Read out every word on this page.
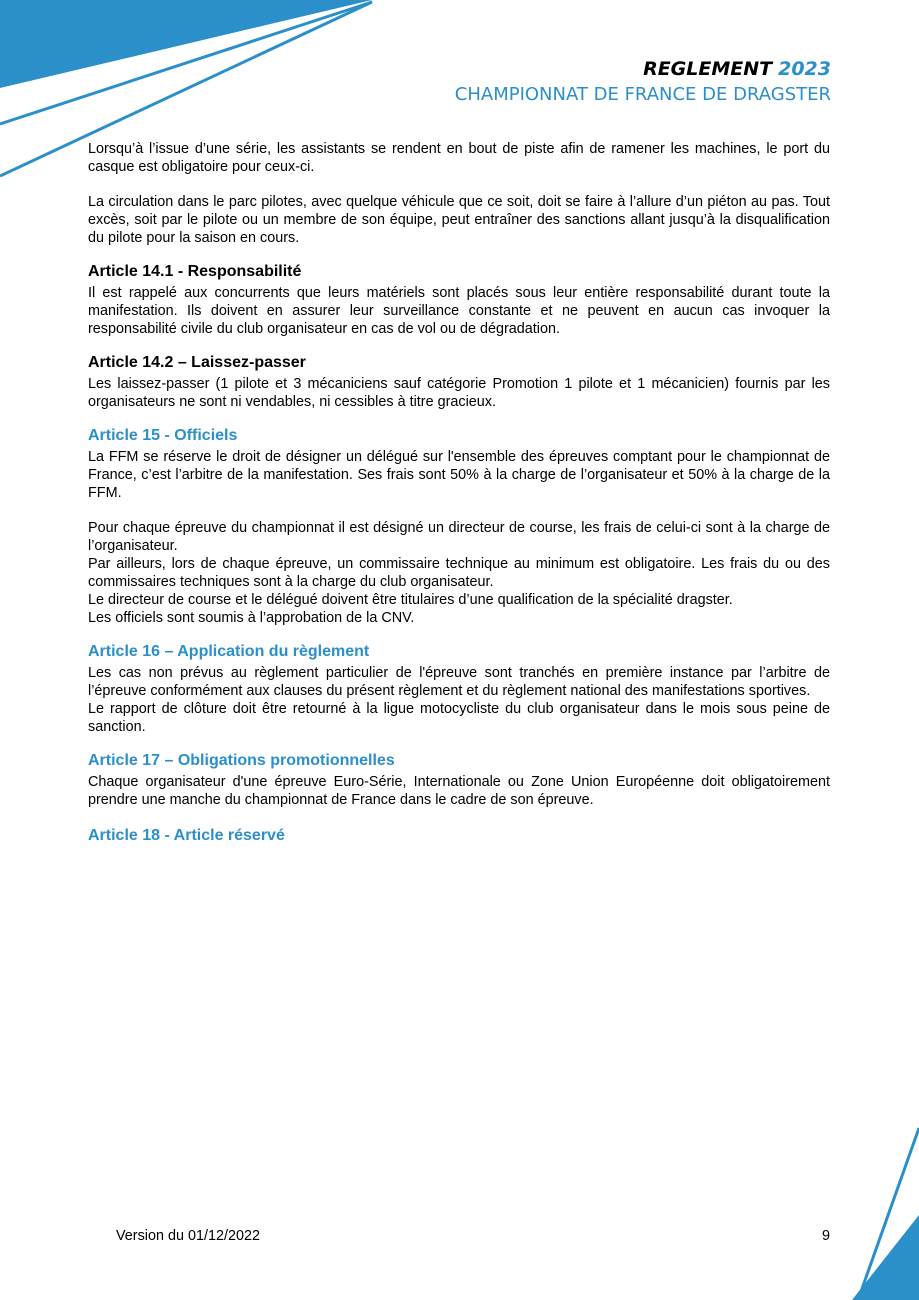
REGLEMENT 2023
CHAMPIONNAT DE FRANCE DE DRAGSTER

Lorsqu’à l’issue d’une série, les assistants se rendent en bout de piste afin de ramener les machines, le port du casque est obligatoire pour ceux-ci.

La circulation dans le parc pilotes, avec quelque véhicule que ce soit, doit se faire à l’allure d’un piéton au pas. Tout excès, soit par le pilote ou un membre de son équipe, peut entraîner des sanctions allant jusqu’à la disqualification du pilote pour la saison en cours.

Article 14.1 - Responsabilité

Il est rappelé aux concurrents que leurs matériels sont placés sous leur entière responsabilité durant toute la manifestation. Ils doivent en assurer leur surveillance constante et ne peuvent en aucun cas invoquer la responsabilité civile du club organisateur en cas de vol ou de dégradation.

Article 14.2 – Laissez-passer

Les laissez-passer (1 pilote et 3 mécaniciens sauf catégorie Promotion 1 pilote et 1 mécanicien) fournis par les organisateurs ne sont ni vendables, ni cessibles à titre gracieux.

Article 15 - Officiels

La FFM se réserve le droit de désigner un délégué sur l'ensemble des épreuves comptant pour le championnat de France, c’est l’arbitre de la manifestation. Ses frais sont 50% à la charge de l’organisateur et 50% à la charge de la FFM.

Pour chaque épreuve du championnat il est désigné un directeur de course, les frais de celui-ci sont à la charge de l’organisateur.

Par ailleurs, lors de chaque épreuve, un commissaire technique au minimum est obligatoire. Les frais du ou des commissaires techniques sont à la charge du club organisateur.

Le directeur de course et le délégué doivent être titulaires d’une qualification de la spécialité dragster.

Les officiels sont soumis à l’approbation de la CNV.

Article 16 – Application du règlement

Les cas non prévus au règlement particulier de l'épreuve sont tranchés en première instance par l’arbitre de l’épreuve conformément aux clauses du présent règlement et du règlement national des manifestations sportives.

Le rapport de clôture doit être retourné à la ligue motocycliste du club organisateur dans le mois sous peine de sanction.

Article 17 – Obligations promotionnelles

Chaque organisateur d'une épreuve Euro-Série, Internationale ou Zone Union Européenne doit obligatoirement prendre une manche du championnat de France dans le cadre de son épreuve.

Article 18 - Article réservé
Version du 01/12/2022	9
